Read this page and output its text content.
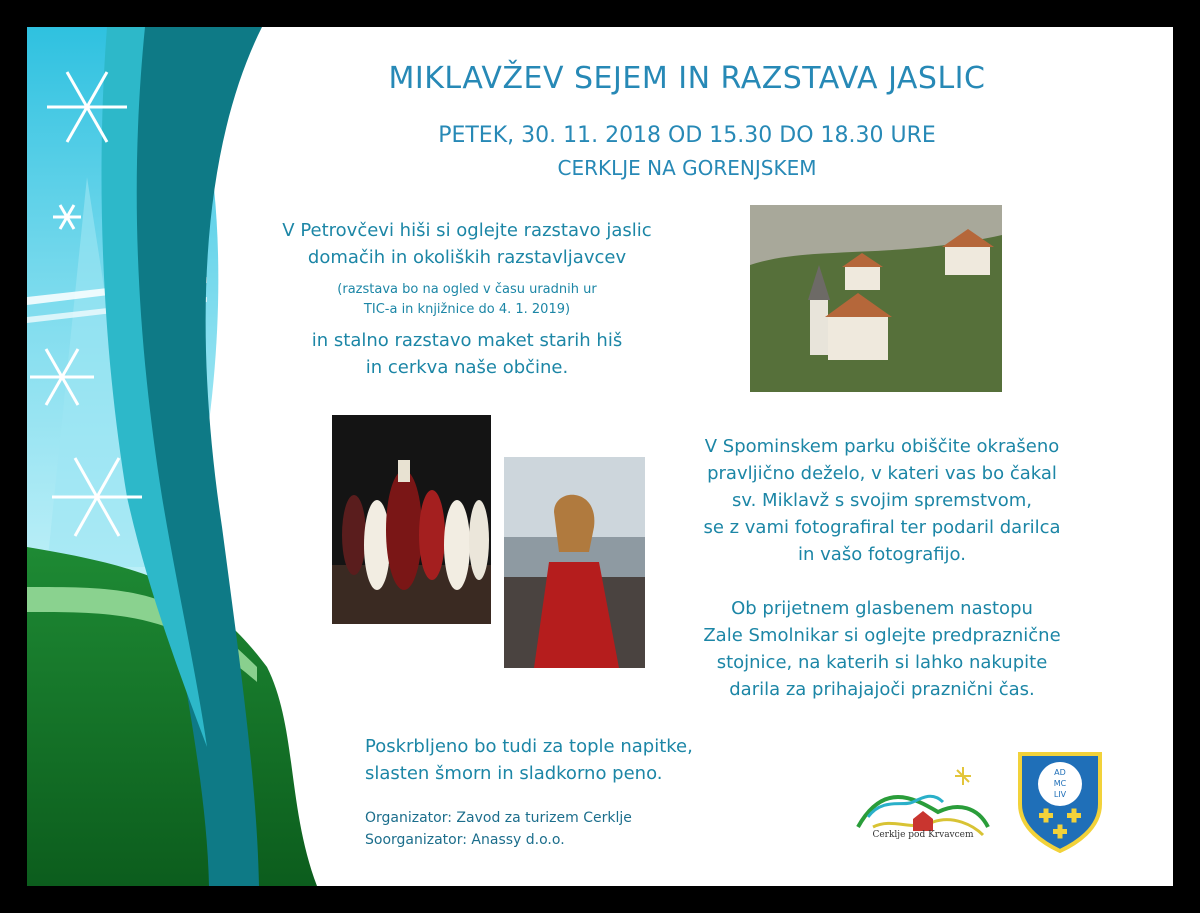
MIKLAVŽEV SEJEM IN RAZSTAVA JASLIC
PETEK, 30. 11. 2018 OD 15.30 DO 18.30 URE
CERKLJE NA GORENJSKEM
V Petrovčevi hiši si oglejte razstavo jaslic
domačih in okoliških razstavljavcev
(razstava bo na ogled v času uradnih ur
TIC-a in knjižnice do 4. 1. 2019)
in stalno razstavo maket starih hiš
in cerkva naše občine.
V Spominskem parku obiščite okrašeno
pravljično deželo, v kateri vas bo čakal
sv. Miklavž s svojim spremstvom,
se z vami fotografiral ter podaril darilca
in vašo fotografijo.
Ob prijetnem glasbenem nastopu
Zale Smolnikar si oglejte predpraznične
stojnice, na katerih si lahko nakupite
darila za prihajajoči praznični čas.
Poskrbljeno bo tudi za tople napitke,
slasten šmorn in sladkorno peno.
Organizator: Zavod za turizem Cerklje
Soorganizator: Anassy d.o.o.	Cerklje pod Krvavcem
AD
MC
LIV
